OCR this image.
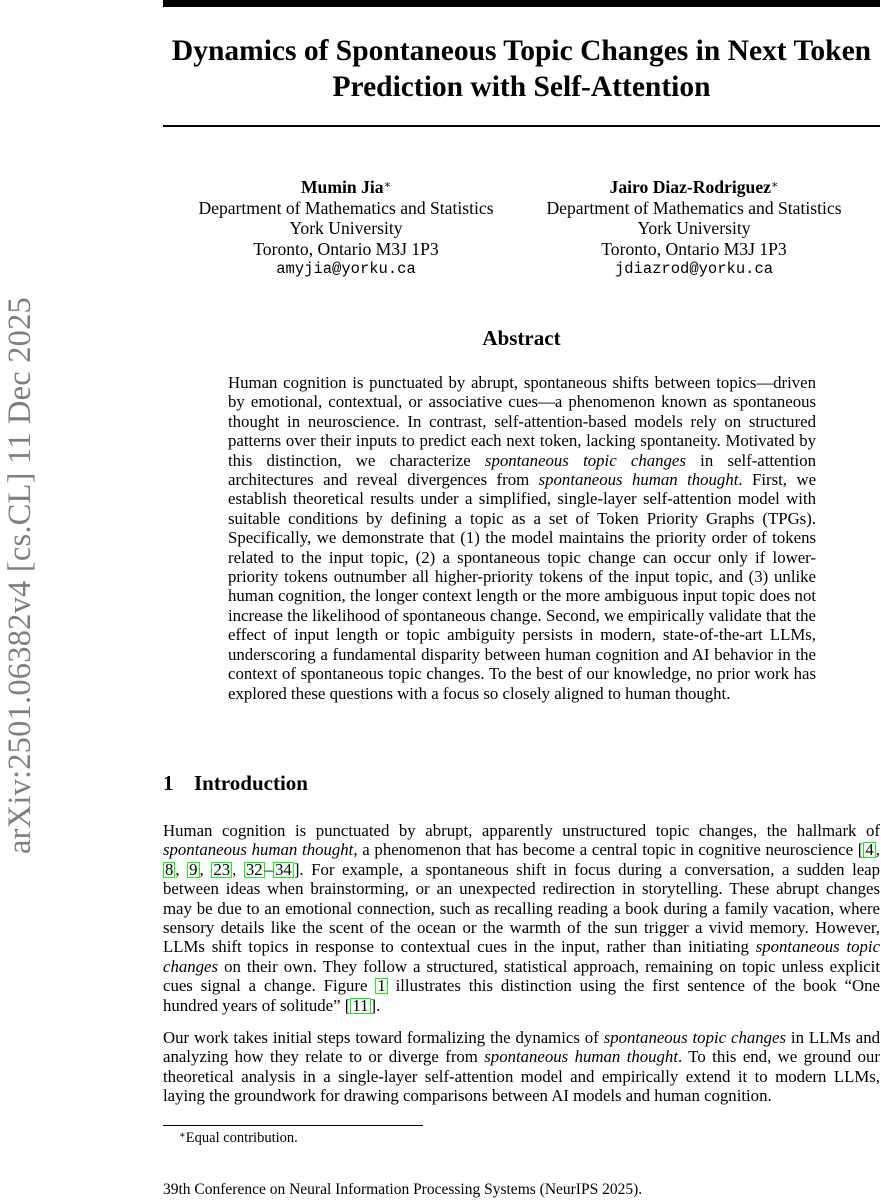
arXiv:2501.06382v4 [cs.CL] 11 Dec 2025
Dynamics of Spontaneous Topic Changes in Next Token Prediction with Self-Attention
Mumin Jia∗
Department of Mathematics and Statistics
York University
Toronto, Ontario M3J 1P3
amyjia@yorku.ca
Jairo Diaz-Rodriguez∗
Department of Mathematics and Statistics
York University
Toronto, Ontario M3J 1P3
jdiazrod@yorku.ca
Abstract

Human cognition is punctuated by abrupt, spontaneous shifts between topics—driven by emotional, contextual, or associative cues—a phenomenon known as spontaneous thought in neuroscience. In contrast, self-attention-based models rely on structured patterns over their inputs to predict each next token, lacking spontaneity. Motivated by this distinction, we characterize spontaneous topic changes in self-attention architectures and reveal divergences from spontaneous human thought. First, we establish theoretical results under a simplified, single-layer self-attention model with suitable conditions by defining a topic as a set of Token Priority Graphs (TPGs). Specifically, we demonstrate that (1) the model maintains the priority order of tokens related to the input topic, (2) a spontaneous topic change can occur only if lower-priority tokens outnumber all higher-priority tokens of the input topic, and (3) unlike human cognition, the longer context length or the more ambiguous input topic does not increase the likelihood of spontaneous change. Second, we empirically validate that the effect of input length or topic ambiguity persists in modern, state-of-the-art LLMs, underscoring a fundamental disparity between human cognition and AI behavior in the context of spontaneous topic changes. To the best of our knowledge, no prior work has explored these questions with a focus so closely aligned to human thought.

1 Introduction

Human cognition is punctuated by abrupt, apparently unstructured topic changes, the hallmark of spontaneous human thought, a phenomenon that has become a central topic in cognitive neuroscience [ 4 , 8 , 9 , 23 , 32 – 34 ]. For example, a spontaneous shift in focus during a conversation, a sudden leap between ideas when brainstorming, or an unexpected redirection in storytelling. These abrupt changes may be due to an emotional connection, such as recalling reading a book during a family vacation, where sensory details like the scent of the ocean or the warmth of the sun trigger a vivid memory. However, LLMs shift topics in response to contextual cues in the input, rather than initiating spontaneous topic changes on their own. They follow a structured, statistical approach, remaining on topic unless explicit cues signal a change. Figure 1 illustrates this distinction using the first sentence of the book “One hundred years of solitude” [ 11 ].

Our work takes initial steps toward formalizing the dynamics of spontaneous topic changes in LLMs and analyzing how they relate to or diverge from spontaneous human thought. To this end, we ground our theoretical analysis in a single-layer self-attention model and empirically extend it to modern LLMs, laying the groundwork for drawing comparisons between AI models and human cognition.

∗Equal contribution.

39th Conference on Neural Information Processing Systems (NeurIPS 2025).
